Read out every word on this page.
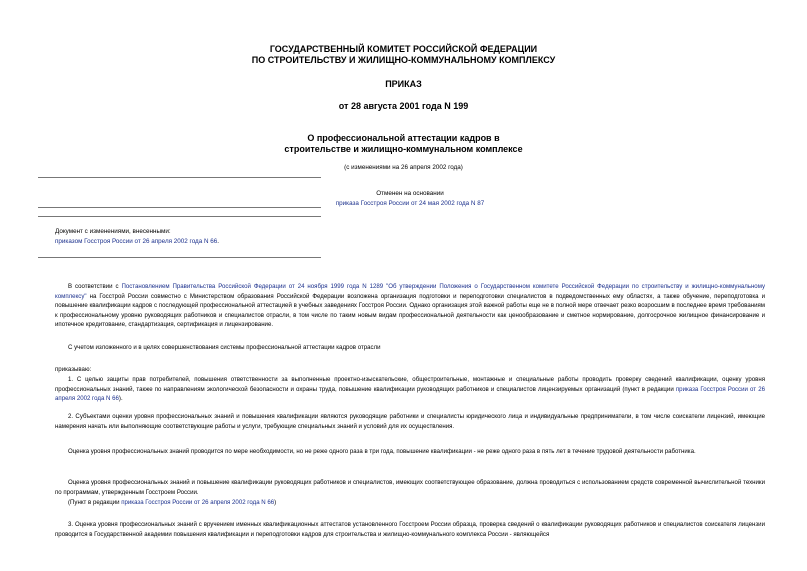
ГОСУДАРСТВЕННЫЙ КОМИТЕТ РОССИЙСКОЙ ФЕДЕРАЦИИ
ПО СТРОИТЕЛЬСТВУ И ЖИЛИЩНО-КОММУНАЛЬНОМУ КОМПЛЕКСУ
ПРИКАЗ
от 28 августа 2001 года N 199
О профессиональной аттестации кадров в
строительстве и жилищно-коммунальном комплексе
(с изменениями на 26 апреля 2002 года)
Отменен на основании
приказа Госстроя России от 24 мая 2002 года N 87
Документ с изменениями, внесенными:
приказом Госстроя России от 26 апреля 2002 года N 66.

В соответствии с Постановлением Правительства Российской Федерации от 24 ноября 1999 года N 1289 "Об утверждении Положения о Государственном комитете Российской Федерации по строительству и жилищно-коммунальному комплексу" на Госстрой России совместно с Министерством образования Российской Федерации возложена организация подготовки и переподготовки специалистов в подведомственных ему областях, а также обучение, переподготовка и повышение квалификации кадров с последующей профессиональной аттестацией в учебных заведениях Госстроя России. Однако организация этой важной работы еще не в полной мере отвечает резко возросшим в последнее время требованиям к профессиональному уровню руководящих работников и специалистов отрасли, в том числе по таким новым видам профессиональной деятельности как ценообразование и сметное нормирование, долгосрочное жилищное финансирование и ипотечное кредитование, стандартизация, сертификация и лицензирование.

С учетом изложенного и в целях совершенствования системы профессиональной аттестации кадров отрасли

приказываю:

1. С целью защиты прав потребителей, повышения ответственности за выполненные проектно-изыскательские, общестроительные, монтажные и специальные работы проводить проверку сведений квалификации, оценку уровня профессиональных знаний, также по направлениям экологической безопасности и охраны труда, повышение квалификации руководящих работников и специалистов лицензируемых организаций (пункт в редакции приказа Госстроя России от 26 апреля 2002 года N 66).

2. Субъектами оценки уровня профессиональных знаний и повышения квалификации являются руководящие работники и специалисты юридического лица и индивидуальные предприниматели, в том числе соискатели лицензий, имеющие намерения начать или выполняющие соответствующие работы и услуги, требующие специальных знаний и условий для их осуществления.

Оценка уровня профессиональных знаний проводится по мере необходимости, но не реже одного раза в три года, повышение квалификации - не реже одного раза в пять лет в течение трудовой деятельности работника.

Оценка уровня профессиональных знаний и повышение квалификации руководящих работников и специалистов, имеющих соответствующее образование, должна проводиться с использованием средств современной вычислительной техники по программам, утвержденным Госстроем России.

(Пункт в редакции приказа Госстроя России от 26 апреля 2002 года N 66)

3. Оценка уровня профессиональных знаний с вручением именных квалификационных аттестатов установленного Госстроем России образца, проверка сведений о квалификации руководящих работников и специалистов соискателя лицензии проводится в Государственной академии повышения квалификации и переподготовки кадров для строительства и жилищно-коммунального комплекса России - являющейся
